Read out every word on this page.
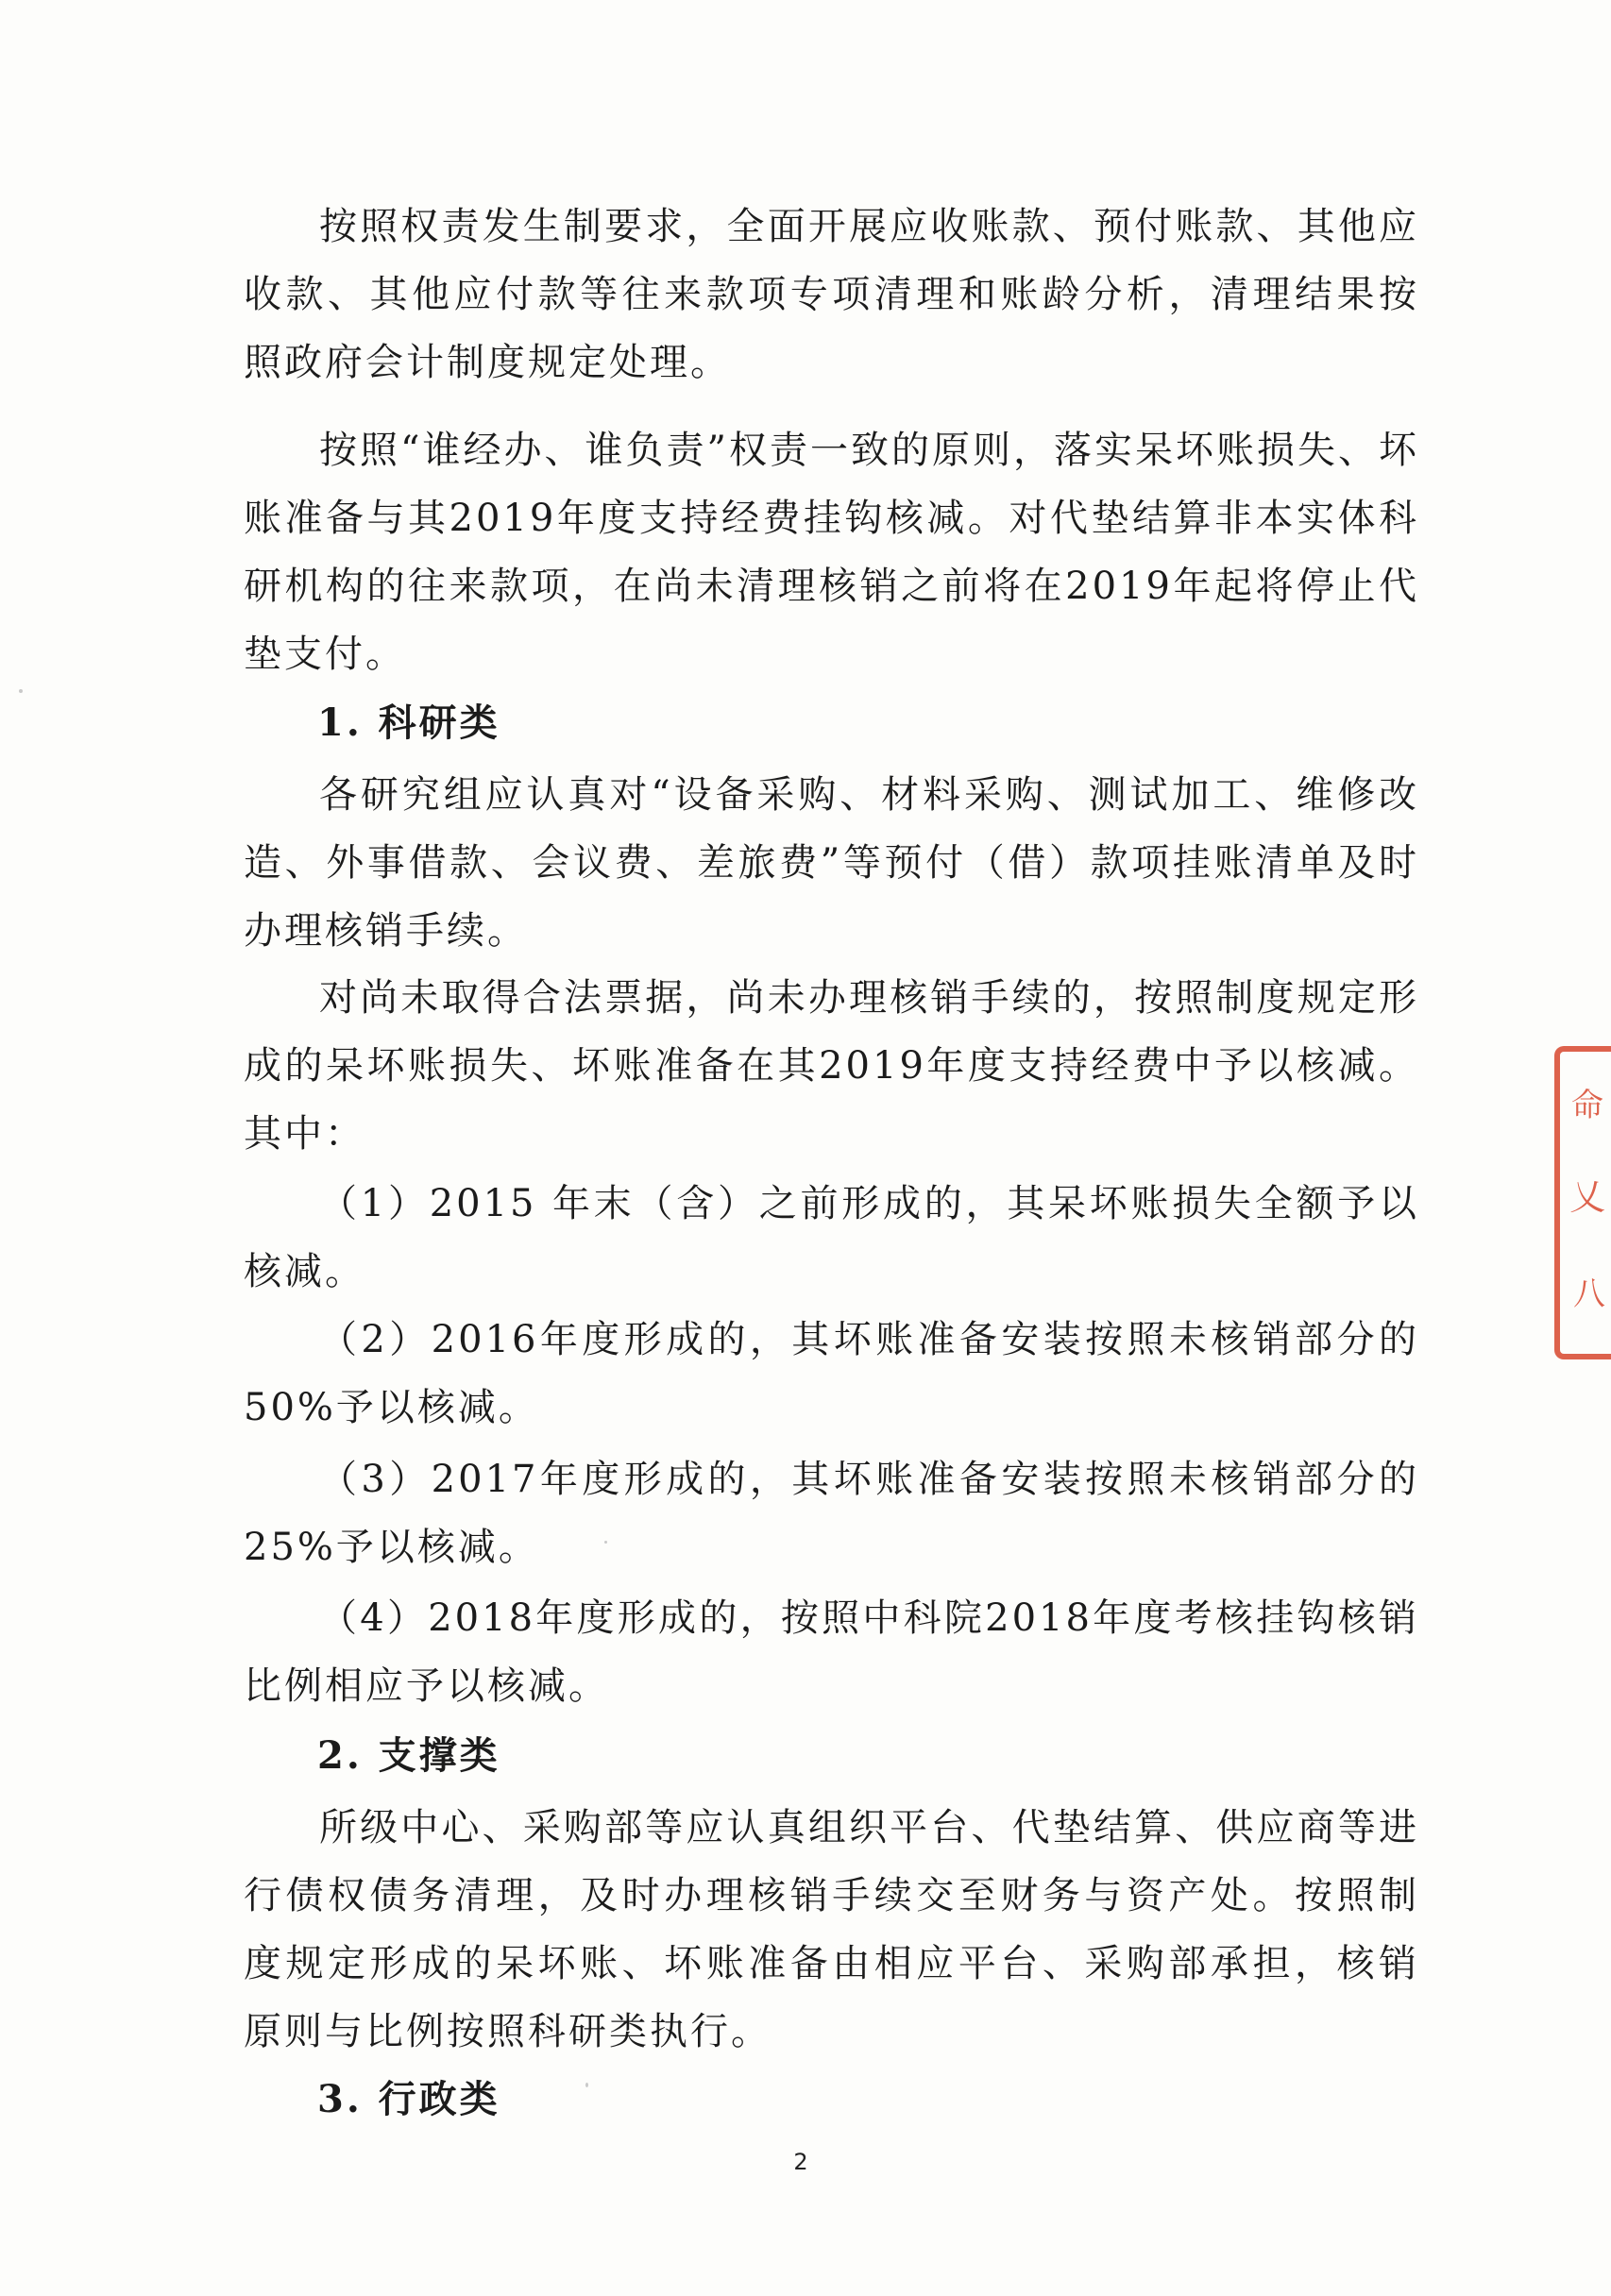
按照权责发生制要求，全面开展应收账款、预付账款、其他应收款、其他应付款等往来款项专项清理和账龄分析，清理结果按照政府会计制度规定处理。

按照“谁经办、谁负责”权责一致的原则，落实呆坏账损失、坏账准备与其2019年度支持经费挂钩核减。对代垫结算非本实体科研机构的往来款项，在尚未清理核销之前将在2019年起将停止代垫支付。

1. 科研类

各研究组应认真对“设备采购、材料采购、测试加工、维修改造、外事借款、会议费、差旅费”等预付（借）款项挂账清单及时办理核销手续。

对尚未取得合法票据，尚未办理核销手续的，按照制度规定形成的呆坏账损失、坏账准备在其2019年度支持经费中予以核减。其中：

（1）2015 年末（含）之前形成的，其呆坏账损失全额予以核减。

（2）2016年度形成的，其坏账准备安装按照未核销部分的50%予以核减。

（3）2017年度形成的，其坏账准备安装按照未核销部分的25%予以核减。

（4）2018年度形成的，按照中科院2018年度考核挂钩核销比例相应予以核减。

2. 支撑类

所级中心、采购部等应认真组织平台、代垫结算、供应商等进行债权债务清理，及时办理核销手续交至财务与资产处。按照制度规定形成的呆坏账、坏账准备由相应平台、采购部承担，核销原则与比例按照科研类执行。

3. 行政类

2
命
乂
八
